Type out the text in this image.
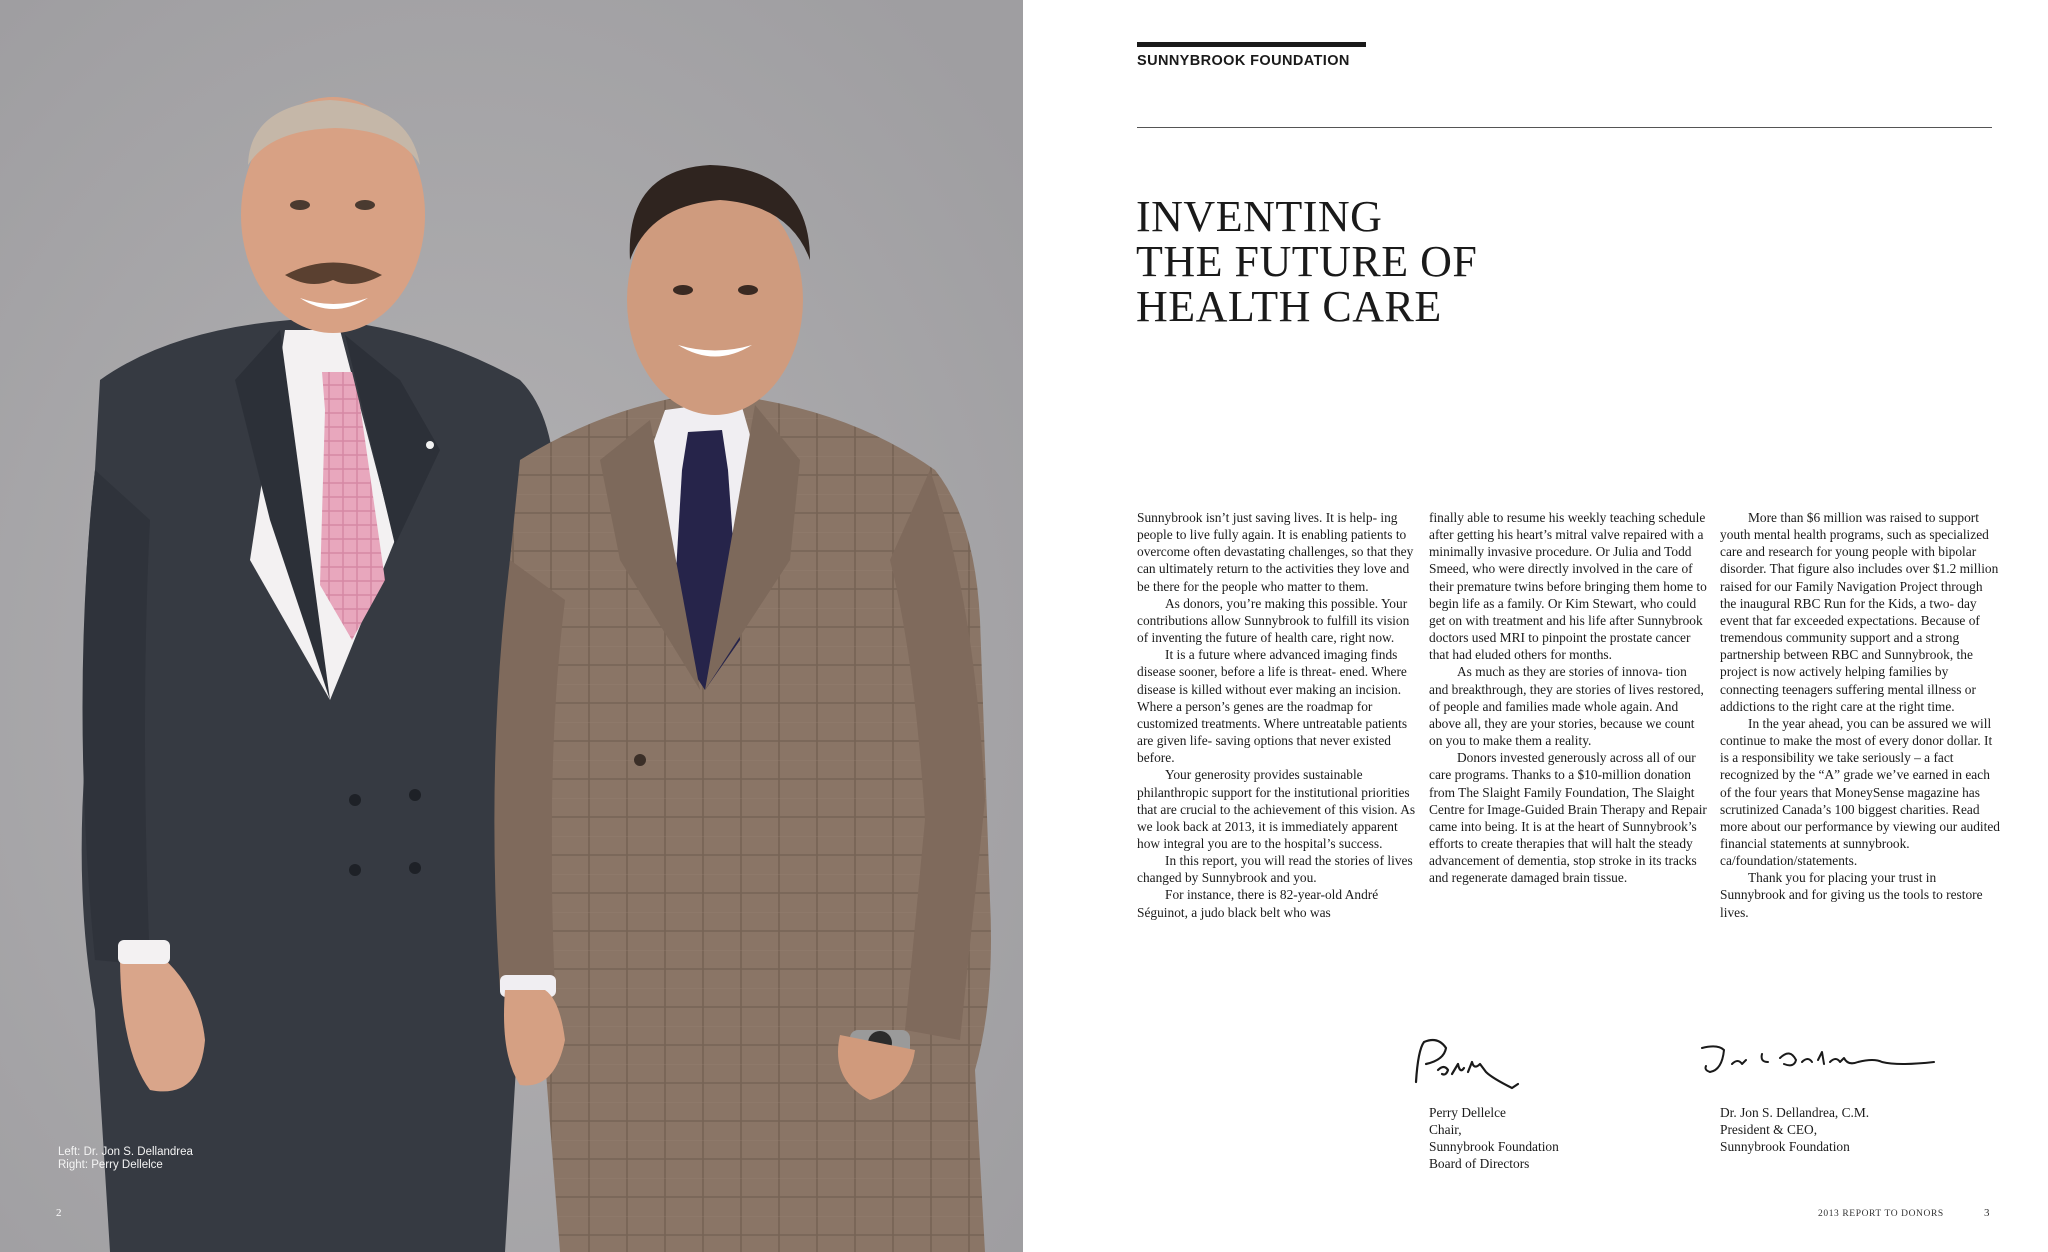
Left: Dr. Jon S. Dellandrea
Right: Perry Dellelce
2
SUNNYBROOK FOUNDATION
INVENTING
THE FUTURE OF
HEALTH CARE

Sunnybrook isn’t just saving lives. It is help- ing people to live fully again. It is enabling patients to overcome often devastating challenges, so that they can ultimately return to the activities they love and be there for the people who matter to them.

As donors, you’re making this possible. Your contributions allow Sunnybrook to fulfill its vision of inventing the future of health care, right now.

It is a future where advanced imaging finds disease sooner, before a life is threat- ened. Where disease is killed without ever making an incision. Where a person’s genes are the roadmap for customized treatments. Where untreatable patients are given life- saving options that never existed before.

Your generosity provides sustainable philanthropic support for the institutional priorities that are crucial to the achievement of this vision. As we look back at 2013, it is immediately apparent how integral you are to the hospital’s success.

In this report, you will read the stories of lives changed by Sunnybrook and you.

For instance, there is 82-year-old André Séguinot, a judo black belt who was

finally able to resume his weekly teaching schedule after getting his heart’s mitral valve repaired with a minimally invasive procedure. Or Julia and Todd Smeed, who were directly involved in the care of their premature twins before bringing them home to begin life as a family. Or Kim Stewart, who could get on with treatment and his life after Sunnybrook doctors used MRI to pinpoint the prostate cancer that had eluded others for months.

As much as they are stories of innova- tion and breakthrough, they are stories of lives restored, of people and families made whole again. And above all, they are your stories, because we count on you to make them a reality.

Donors invested generously across all of our care programs. Thanks to a $10-million donation from The Slaight Family Foundation, The Slaight Centre for Image-Guided Brain Therapy and Repair came into being. It is at the heart of Sunnybrook’s efforts to create therapies that will halt the steady advancement of dementia, stop stroke in its tracks and regenerate damaged brain tissue.

More than $6 million was raised to support youth mental health programs, such as specialized care and research for young people with bipolar disorder. That figure also includes over $1.2 million raised for our Family Navigation Project through the inaugural RBC Run for the Kids, a two- day event that far exceeded expectations. Because of tremendous community support and a strong partnership between RBC and Sunnybrook, the project is now actively helping families by connecting teenagers suffering mental illness or addictions to the right care at the right time.

In the year ahead, you can be assured we will continue to make the most of every donor dollar. It is a responsibility we take seriously – a fact recognized by the “A” grade we’ve earned in each of the four years that MoneySense magazine has scrutinized Canada’s 100 biggest charities. Read more about our performance by viewing our audited financial statements at sunnybrook. ca/foundation/statements.

Thank you for placing your trust in Sunnybrook and for giving us the tools to restore lives.

Perry Dellelce
Chair,
Sunnybrook Foundation
Board of Directors
Dr. Jon S. Dellandrea, C.M.
President & CEO,
Sunnybrook Foundation
2013 REPORT TO DONORS	3
